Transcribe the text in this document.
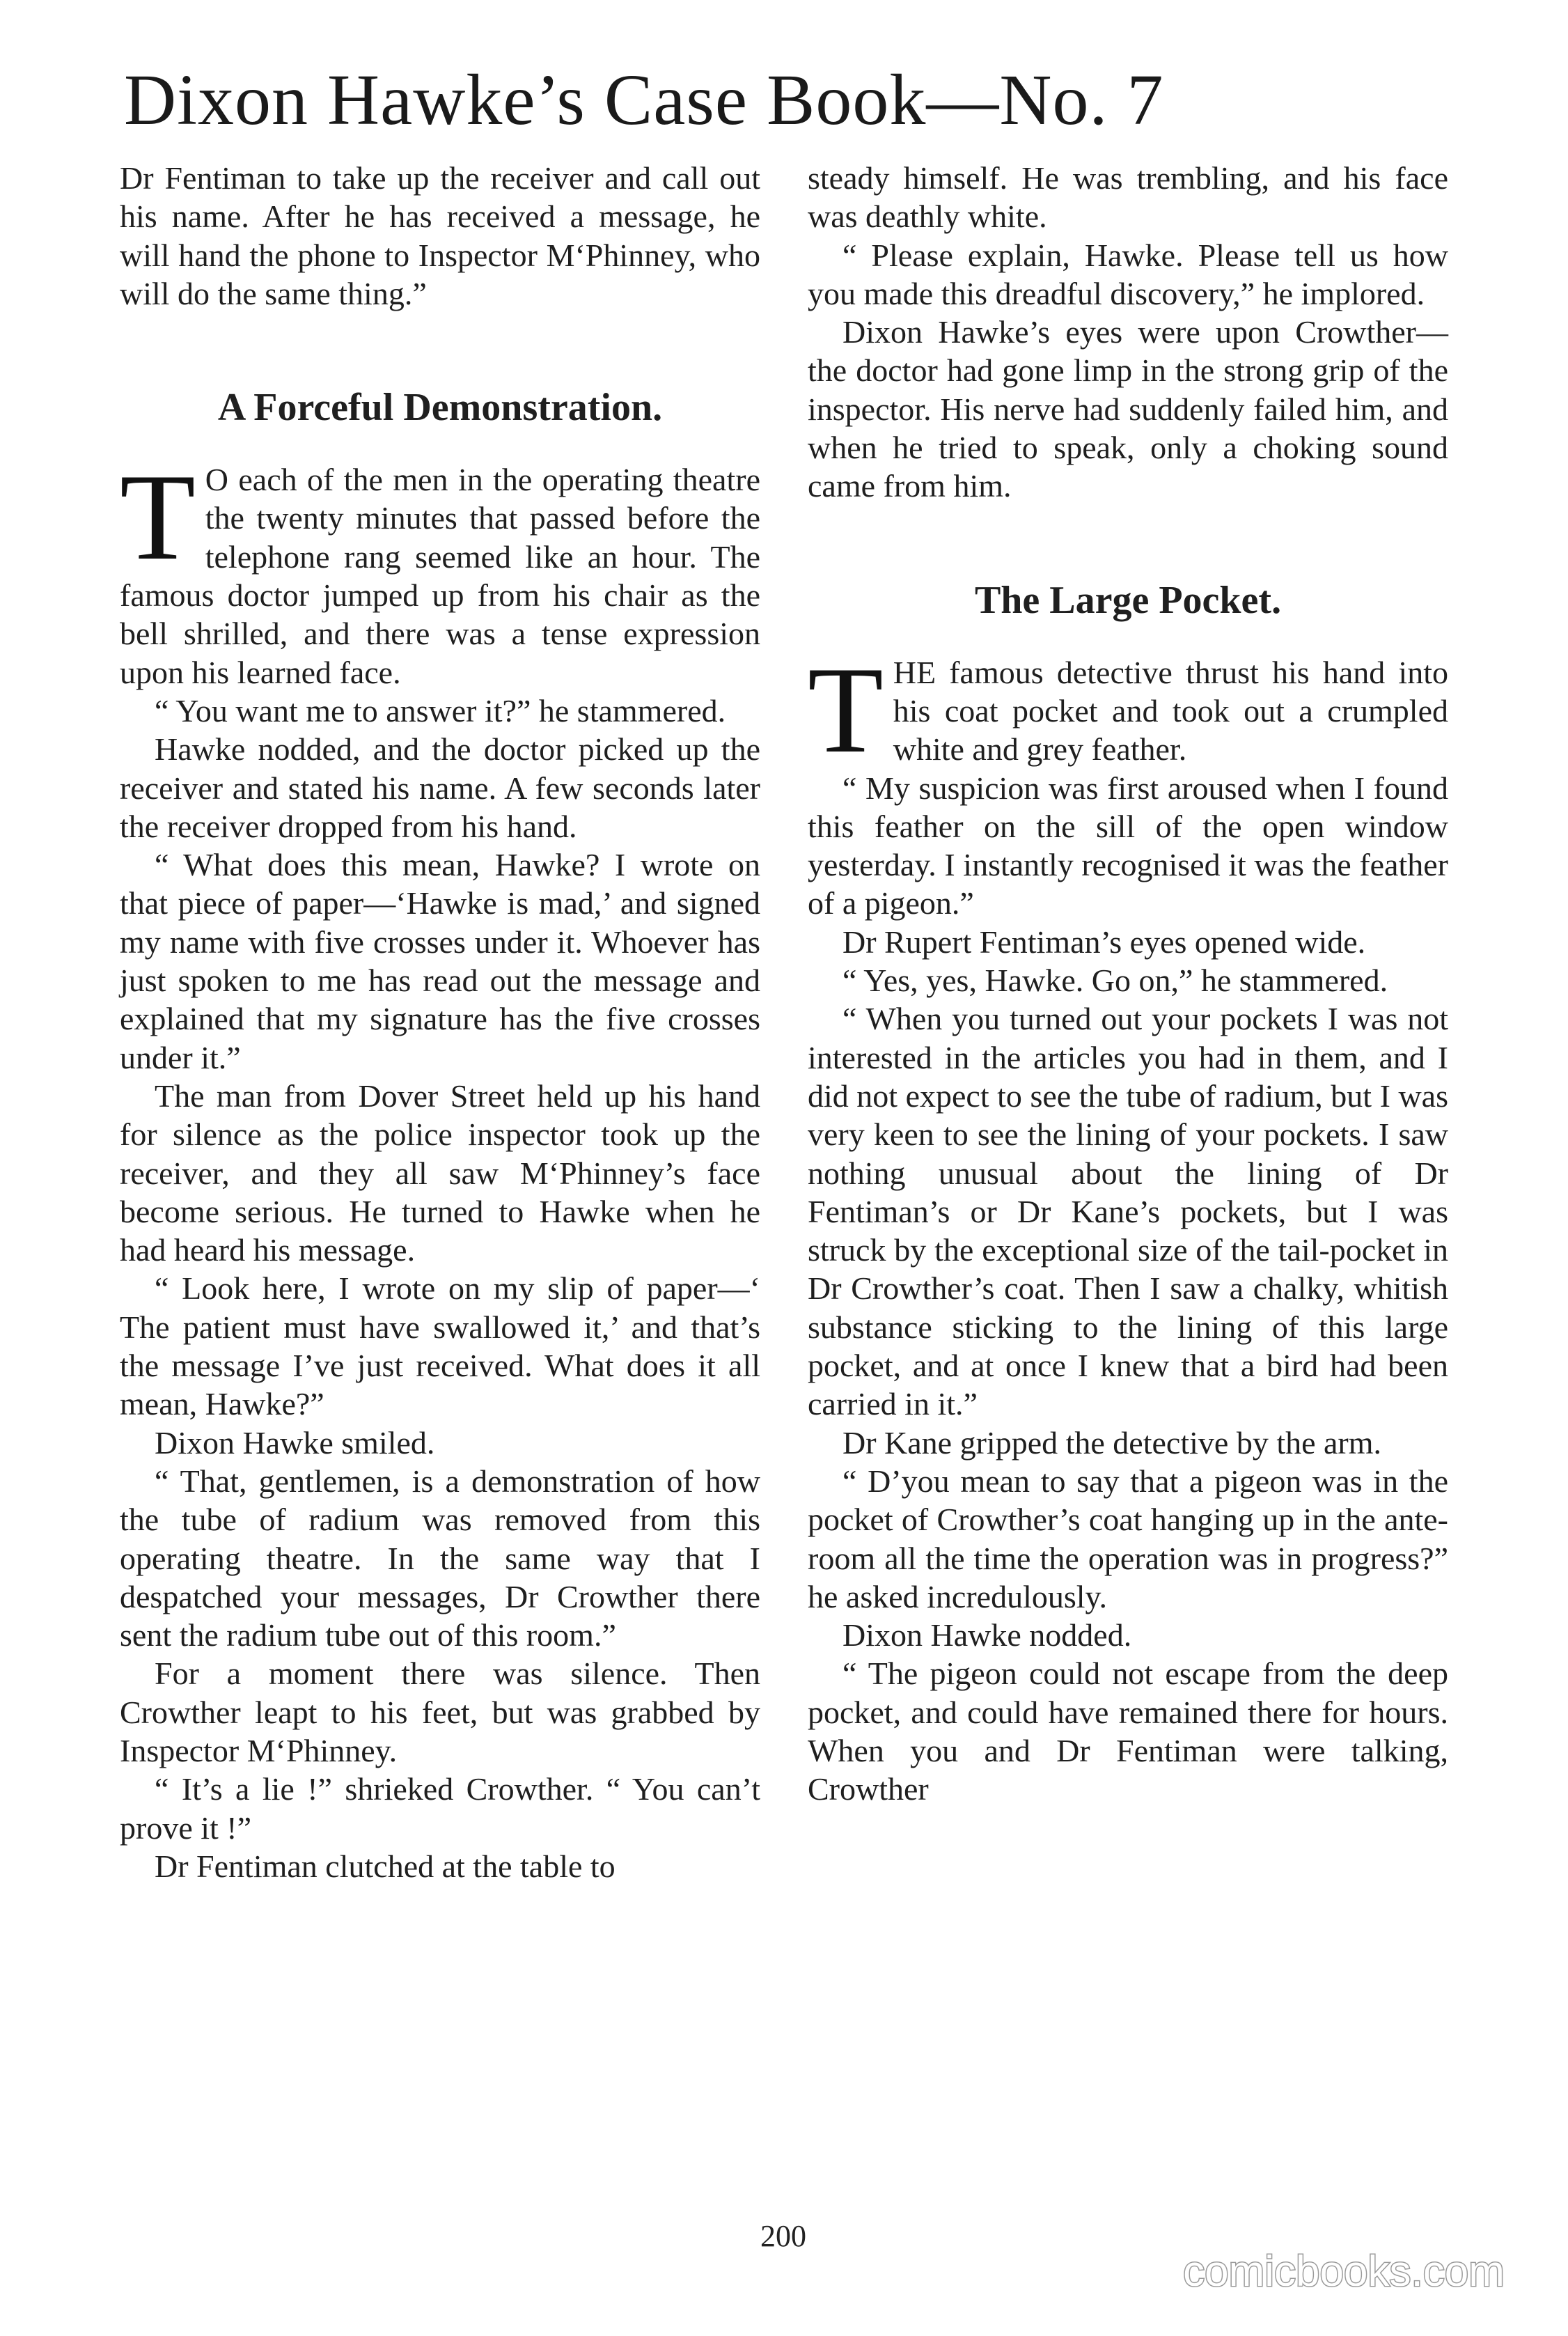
Dixon Hawke’s Case Book—No. 7

Dr Fentiman to take up the receiver and call out his name. After he has received a message, he will hand the phone to Inspector M‘Phinney, who will do the same thing.”

A Forceful Demonstration.

T O each of the men in the operating theatre the twenty minutes that passed before the telephone rang seemed like an hour. The famous doctor jumped up from his chair as the bell shrilled, and there was a tense expression upon his learned face.

“ You want me to answer it?” he stammered.

Hawke nodded, and the doctor picked up the receiver and stated his name. A few seconds later the receiver dropped from his hand.

“ What does this mean, Hawke? I wrote on that piece of paper—‘Hawke is mad,’ and signed my name with five crosses under it. Whoever has just spoken to me has read out the message and explained that my signature has the five crosses under it.”

The man from Dover Street held up his hand for silence as the police inspector took up the receiver, and they all saw M‘Phinney’s face become serious. He turned to Hawke when he had heard his message.

“ Look here, I wrote on my slip of paper—‘ The patient must have swallowed it,’ and that’s the message I’ve just received. What does it all mean, Hawke?”

Dixon Hawke smiled.

“ That, gentlemen, is a demonstration of how the tube of radium was removed from this operating theatre. In the same way that I despatched your messages, Dr Crowther there sent the radium tube out of this room.”

For a moment there was silence. Then Crowther leapt to his feet, but was grabbed by Inspector M‘Phinney.

“ It’s a lie !” shrieked Crowther. “ You can’t prove it !”

Dr Fentiman clutched at the table to

steady himself. He was trembling, and his face was deathly white.

“ Please explain, Hawke. Please tell us how you made this dreadful discovery,” he implored.

Dixon Hawke’s eyes were upon Crowther—the doctor had gone limp in the strong grip of the inspector. His nerve had suddenly failed him, and when he tried to speak, only a choking sound came from him.

The Large Pocket.

THE famous detective thrust his hand into his coat pocket and took out a crumpled white and grey feather.

“ My suspicion was first aroused when I found this feather on the sill of the open window yesterday. I instantly recognised it was the feather of a pigeon.”

Dr Rupert Fentiman’s eyes opened wide.

“ Yes, yes, Hawke. Go on,” he stammered.

“ When you turned out your pockets I was not interested in the articles you had in them, and I did not expect to see the tube of radium, but I was very keen to see the lining of your pockets. I saw nothing unusual about the lining of Dr Fentiman’s or Dr Kane’s pockets, but I was struck by the exceptional size of the tail-pocket in Dr Crowther’s coat. Then I saw a chalky, whitish substance sticking to the lining of this large pocket, and at once I knew that a bird had been carried in it.”

Dr Kane gripped the detective by the arm.

“ D’you mean to say that a pigeon was in the pocket of Crowther’s coat hanging up in the ante-room all the time the operation was in progress?” he asked incredulously.

Dixon Hawke nodded.

“ The pigeon could not escape from the deep pocket, and could have remained there for hours. When you and Dr Fentiman were talking, Crowther

200
comicbooks.com
